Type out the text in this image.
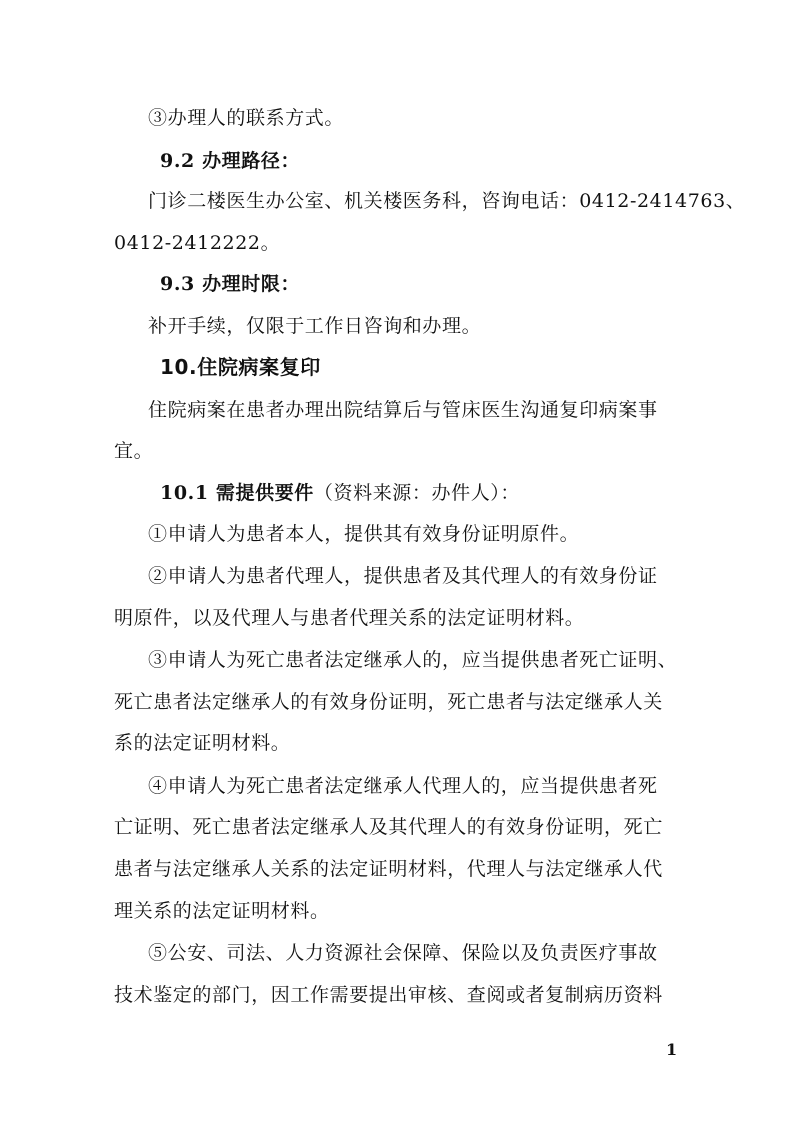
③办理人的联系方式。
9.2 办理路径：
门诊二楼医生办公室、机关楼医务科，咨询电话：0412-2414763、
0412-2412222。
9.3 办理时限：
补开手续，仅限于工作日咨询和办理。
10.住院病案复印
住院病案在患者办理出院结算后与管床医生沟通复印病案事
宜。
10.1 需提供要件（资料来源：办件人）：
①申请人为患者本人，提供其有效身份证明原件。
②申请人为患者代理人，提供患者及其代理人的有效身份证
明原件，以及代理人与患者代理关系的法定证明材料。
③申请人为死亡患者法定继承人的，应当提供患者死亡证明、
死亡患者法定继承人的有效身份证明，死亡患者与法定继承人关
系的法定证明材料。
④申请人为死亡患者法定继承人代理人的，应当提供患者死
亡证明、死亡患者法定继承人及其代理人的有效身份证明，死亡
患者与法定继承人关系的法定证明材料，代理人与法定继承人代
理关系的法定证明材料。
⑤公安、司法、人力资源社会保障、保险以及负责医疗事故
技术鉴定的部门，因工作需要提出审核、查阅或者复制病历资料
1
